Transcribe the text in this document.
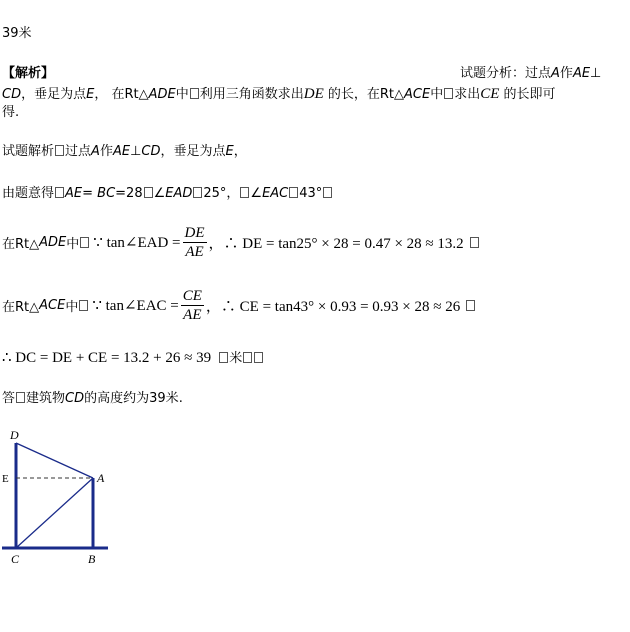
39米
【解析】	试题分析：过点A作AE⊥
CD，垂足为点E， 在Rt△ADE中 利用三角函数求出DE 的长，在Rt△ACE中 求出CE 的长即可
得.
试题解析 过点A作AE⊥CD，垂足为点E，
由题意得 AE= BC=28 ∠EAD 25°， ∠EAC 43°
在Rt△ ADE 中 ∵ tan∠EAD = $\frac{DE}{AE}$ ，∴ DE = tan25° × 28 = 0.47 × 28 ≈ 13.2
在Rt△ ACE 中 ∵ tan∠EAC = $\frac{CE}{AE}$ ，∴ CE = tan43° × 0.93 = 0.93 × 28 ≈ 26
∴ DC = DE + CE = 13.2 + 26 ≈ 39 米
答 建筑物CD的高度约为39米.
D
E	A
C	B
